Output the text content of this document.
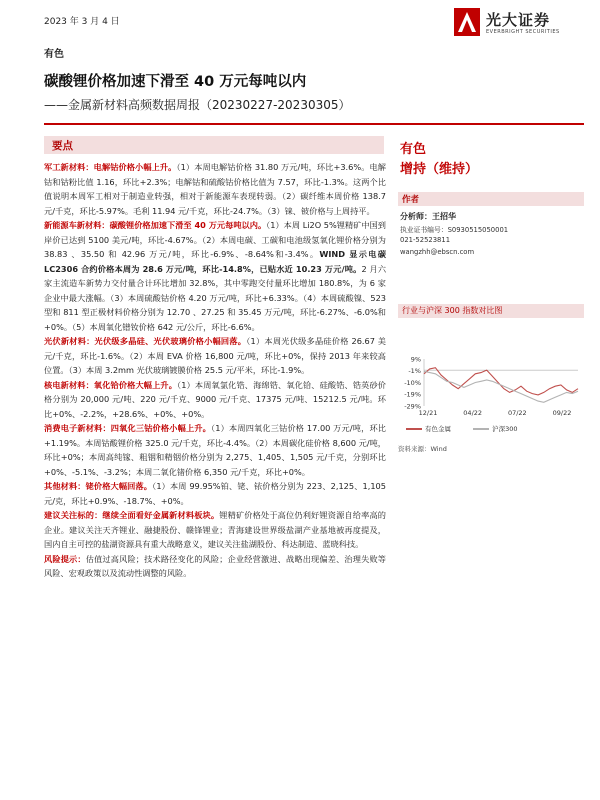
2023 年 3 月 4 日	光大证券
EVERBRIGHT SECURITIES
有色
碳酸锂价格加速下滑至 40 万元每吨以内
——金属新材料高频数据周报（20230227-20230305）
要点

军工新材料：电解钴价格小幅上升。（1）本周电解钴价格 31.80 万元/吨，环比+3.6%。电解钴和钴粉比值 1.16，环比+2.3%；电解钴和硫酸钴价格比值为 7.57，环比-1.3%。这两个比值说明本周军工相对于制造业转强，相对于新能源车表现转弱。（2）碳纤维本周价格 138.7 元/千克，环比-5.97%。毛利 11.94 元/千克，环比-24.7%。（3）铼、铍价格与上周持平。

新能源车新材料：碳酸锂价格加速下滑至 40 万元每吨以内。（1）本周 Li2O 5%锂精矿中国到岸价已达到 5100 美元/吨，环比-4.67%。（2）本周电碳、工碳和电池级氢氧化锂价格分别为 38.83 、35.50 和 42.96 万元/吨，环比-6.9%、-8.64%和-3.4%。WIND 显示电碳 LC2306 合约价格本周为 28.6 万元/吨，环比-14.8%，已贴水近 10.23 万元/吨。2 月六家主流造车新势力交付量合计环比增加 32.8%，其中零跑交付量环比增加 180.8%，为 6 家企业中最大涨幅。（3）本周硫酸钴价格 4.20 万元/吨，环比+6.33%。（4）本周硫酸镍、523 型和 811 型正极材料价格分别为 12.70 、27.25 和 35.45 万元/吨，环比-6.27%、-6.0%和+0%。（5）本周氧化镨钕价格 642 元/公斤，环比-6.6%。

光伏新材料：光伏级多晶硅、光伏玻璃价格小幅回落。（1）本周光伏级多晶硅价格 26.67 美元/千克，环比-1.6%。（2）本周 EVA 价格 16,800 元/吨，环比+0%，保持 2013 年来较高位置。（3）本周 3.2mm 光伏玻璃镀膜价格 25.5 元/平米，环比-1.9%。

核电新材料：氧化铪价格大幅上升。（1）本周氧氯化锆、海绵锆、氧化铪、硅酸锆、锆英砂价格分别为 20,000 元/吨、220 元/千克、9000 元/千克、17375 元/吨、15212.5 元/吨。环比+0%、-2.2%，+28.6%、+0%、+0%。

消费电子新材料：四氧化三钴价格小幅上升。（1）本周四氧化三钴价格 17.00 万元/吨，环比+1.19%。本周钴酸锂价格 325.0 元/千克，环比-4.4%。（2）本周碳化硅价格 8,600 元/吨，环比+0%；本周高纯镓、粗铟和精铟价格分别为 2,275、1,405、1,505 元/千克，分别环比+0%、-5.1%、-3.2%；本周二氧化锗价格 6,350 元/千克，环比+0%。

其他材料：铑价格大幅回落。（1）本周 99.95%铂、铑、铱价格分别为 223、2,125、1,105 元/克，环比+0.9%、-18.7%、+0%。

建议关注标的：继续全面看好金属新材料板块。锂精矿价格处于高位仍利好锂资源自给率高的企业。建议关注天齐锂业、融捷股份、赣锋锂业；青海建设世界级盐湖产业基地被再度提及，国内自主可控的盐湖资源具有重大战略意义，建议关注盐湖股份、科达制造、蓝晓科技。

风险提示：估值过高风险；技术路径变化的风险；企业经营激进、战略出现偏差、治理失败等风险、宏观政策以及流动性调整的风险。

有色
增持（维持）
作者
分析师：王招华
执业证书编号：S0930515050001
021-52523811
wangzhh@ebscn.com
行业与沪深 300 指数对比图
9%
-1%
-10%
-19%
-29%
12/21	04/22	07/22	09/22
有色金属	沪深300
资料来源：Wind
